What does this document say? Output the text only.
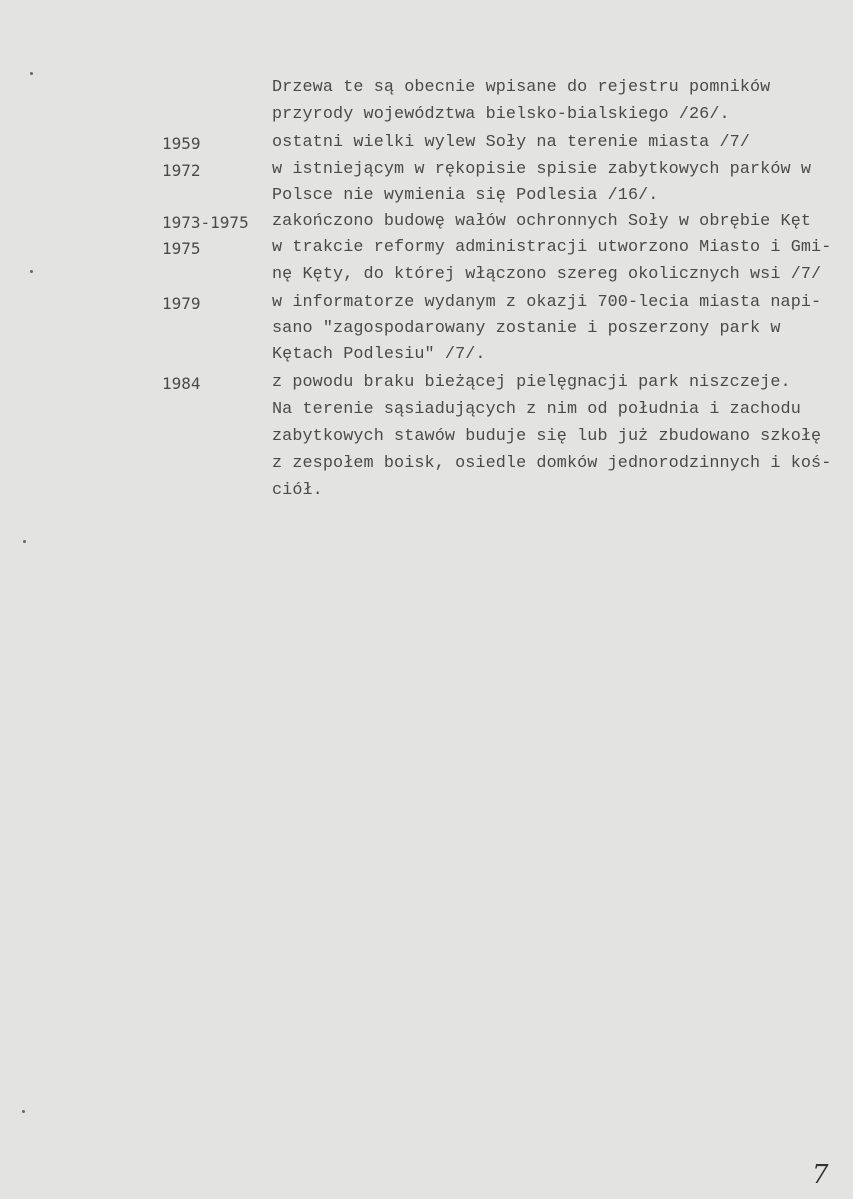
Drzewa te są obecnie wpisane do rejestru pomników
przyrody województwa bielsko-bialskiego /26/.
1959	ostatni wielki wylew Soły na terenie miasta /7/
1972	w istniejącym w rękopisie spisie zabytkowych parków w
Polsce nie wymienia się Podlesia /16/.
1973-1975 zakończono budowę wałów ochronnych Soły w obrębie Kęt
1975	w trakcie reformy administracji utworzono Miasto i Gmi-
nę Kęty, do której włączono szereg okolicznych wsi /7/
1979	w informatorze wydanym z okazji 700-lecia miasta napi-
sano "zagospodarowany zostanie i poszerzony park w
Kętach Podlesiu" /7/.
1984	z powodu braku bieżącej pielęgnacji park niszczeje.
Na terenie sąsiadujących z nim od południa i zachodu
zabytkowych stawów buduje się lub już zbudowano szkołę
z zespołem boisk, osiedle domków jednorodzinnych i koś-
ciół.
7
